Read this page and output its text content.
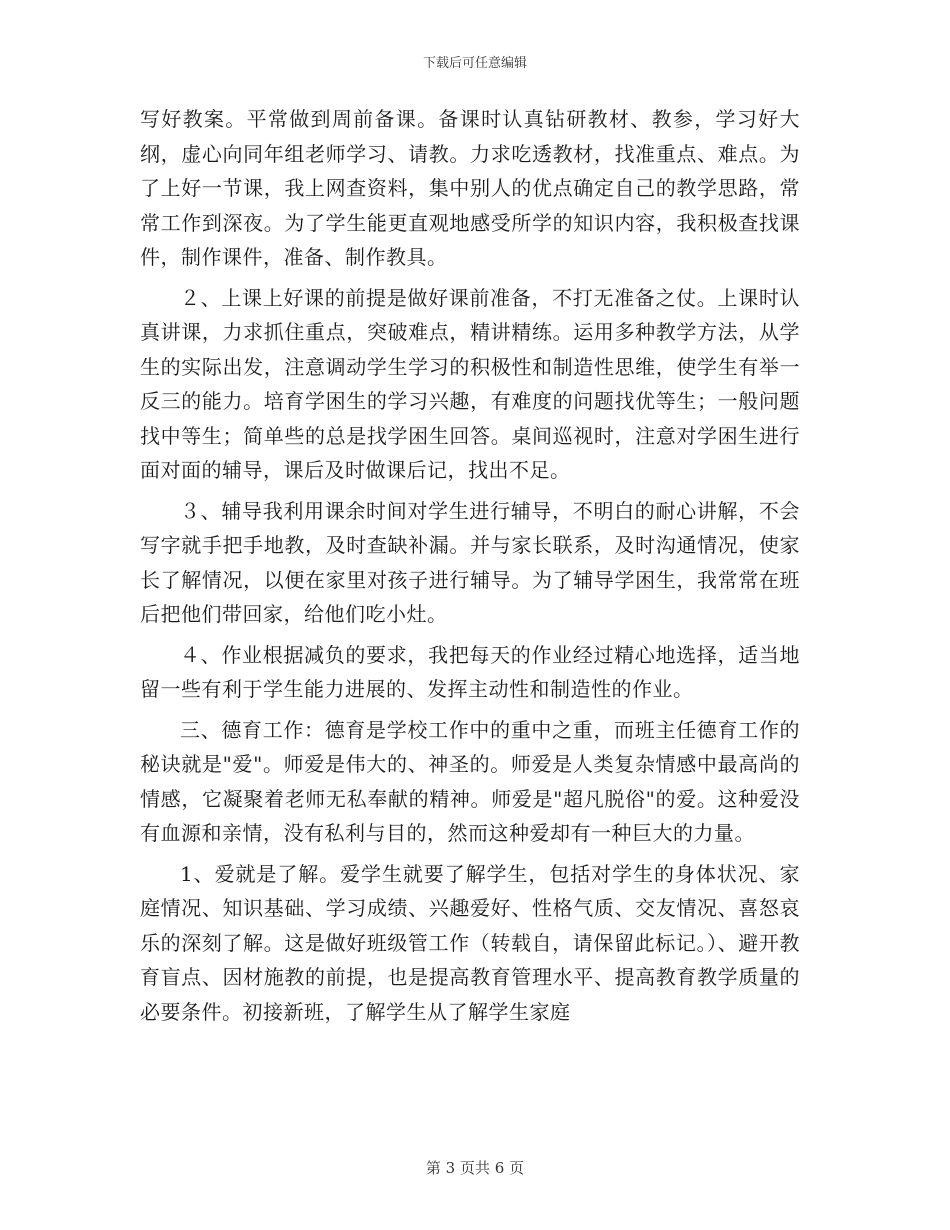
下载后可任意编辑

写好教案。平常做到周前备课。备课时认真钻研教材、教参，学习好大纲，虚心向同年组老师学习、请教。力求吃透教材，找准重点、难点。为了上好一节课，我上网查资料，集中别人的优点确定自己的教学思路，常常工作到深夜。为了学生能更直观地感受所学的知识内容，我积极查找课件，制作课件，准备、制作教具。

２、上课上好课的前提是做好课前准备，不打无准备之仗。上课时认真讲课，力求抓住重点，突破难点，精讲精练。运用多种教学方法，从学生的实际出发，注意调动学生学习的积极性和制造性思维，使学生有举一反三的能力。培育学困生的学习兴趣，有难度的问题找优等生；一般问题找中等生；简单些的总是找学困生回答。桌间巡视时，注意对学困生进行面对面的辅导，课后及时做课后记，找出不足。

３、辅导我利用课余时间对学生进行辅导，不明白的耐心讲解，不会写字就手把手地教，及时查缺补漏。并与家长联系，及时沟通情况，使家长了解情况，以便在家里对孩子进行辅导。为了辅导学困生，我常常在班后把他们带回家，给他们吃小灶。

４、作业根据减负的要求，我把每天的作业经过精心地选择，适当地留一些有利于学生能力进展的、发挥主动性和制造性的作业。

三、德育工作：德育是学校工作中的重中之重，而班主任德育工作的秘诀就是"爱"。师爱是伟大的、神圣的。师爱是人类复杂情感中最高尚的情感，它凝聚着老师无私奉献的精神。师爱是"超凡脱俗"的爱。这种爱没有血源和亲情，没有私利与目的，然而这种爱却有一种巨大的力量。

1、爱就是了解。爱学生就要了解学生，包括对学生的身体状况、家庭情况、知识基础、学习成绩、兴趣爱好、性格气质、交友情况、喜怒哀乐的深刻了解。这是做好班级管工作（转载自，请保留此标记。）、避开教育盲点、因材施教的前提，也是提高教育管理水平、提高教育教学质量的必要条件。初接新班，了解学生从了解学生家庭

第 3 页共 6 页
